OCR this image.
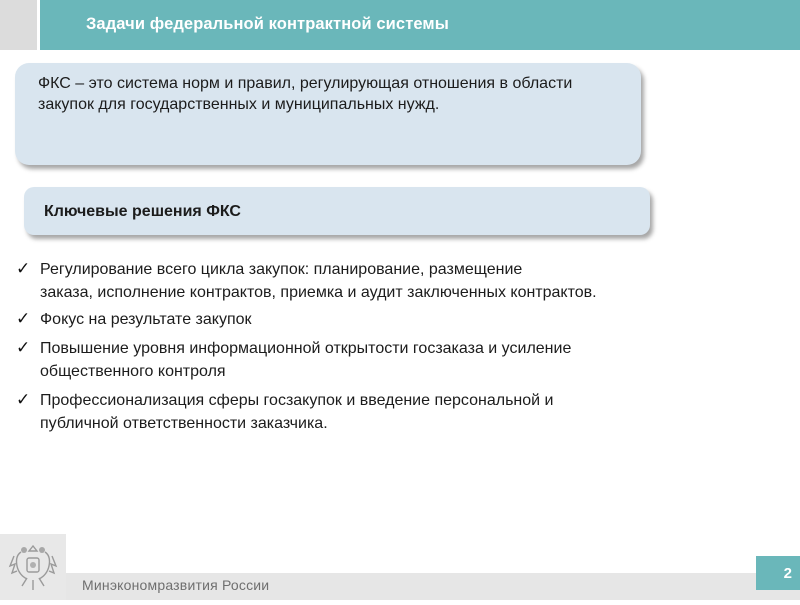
Задачи федеральной контрактной системы
ФКС – это система норм и правил, регулирующая отношения в области закупок для государственных и муниципальных нужд.
Ключевые решения ФКС
✓ Регулирование всего цикла закупок: планирование, размещение
заказа, исполнение контрактов, приемка и аудит заключенных контрактов.
✓ Фокус на результате закупок
✓ Повышение уровня информационной открытости госзаказа и усиление
общественного контроля
✓ Профессионализация сферы госзакупок и введение персональной и
публичной ответственности заказчика.
Минэкономразвития России
2
